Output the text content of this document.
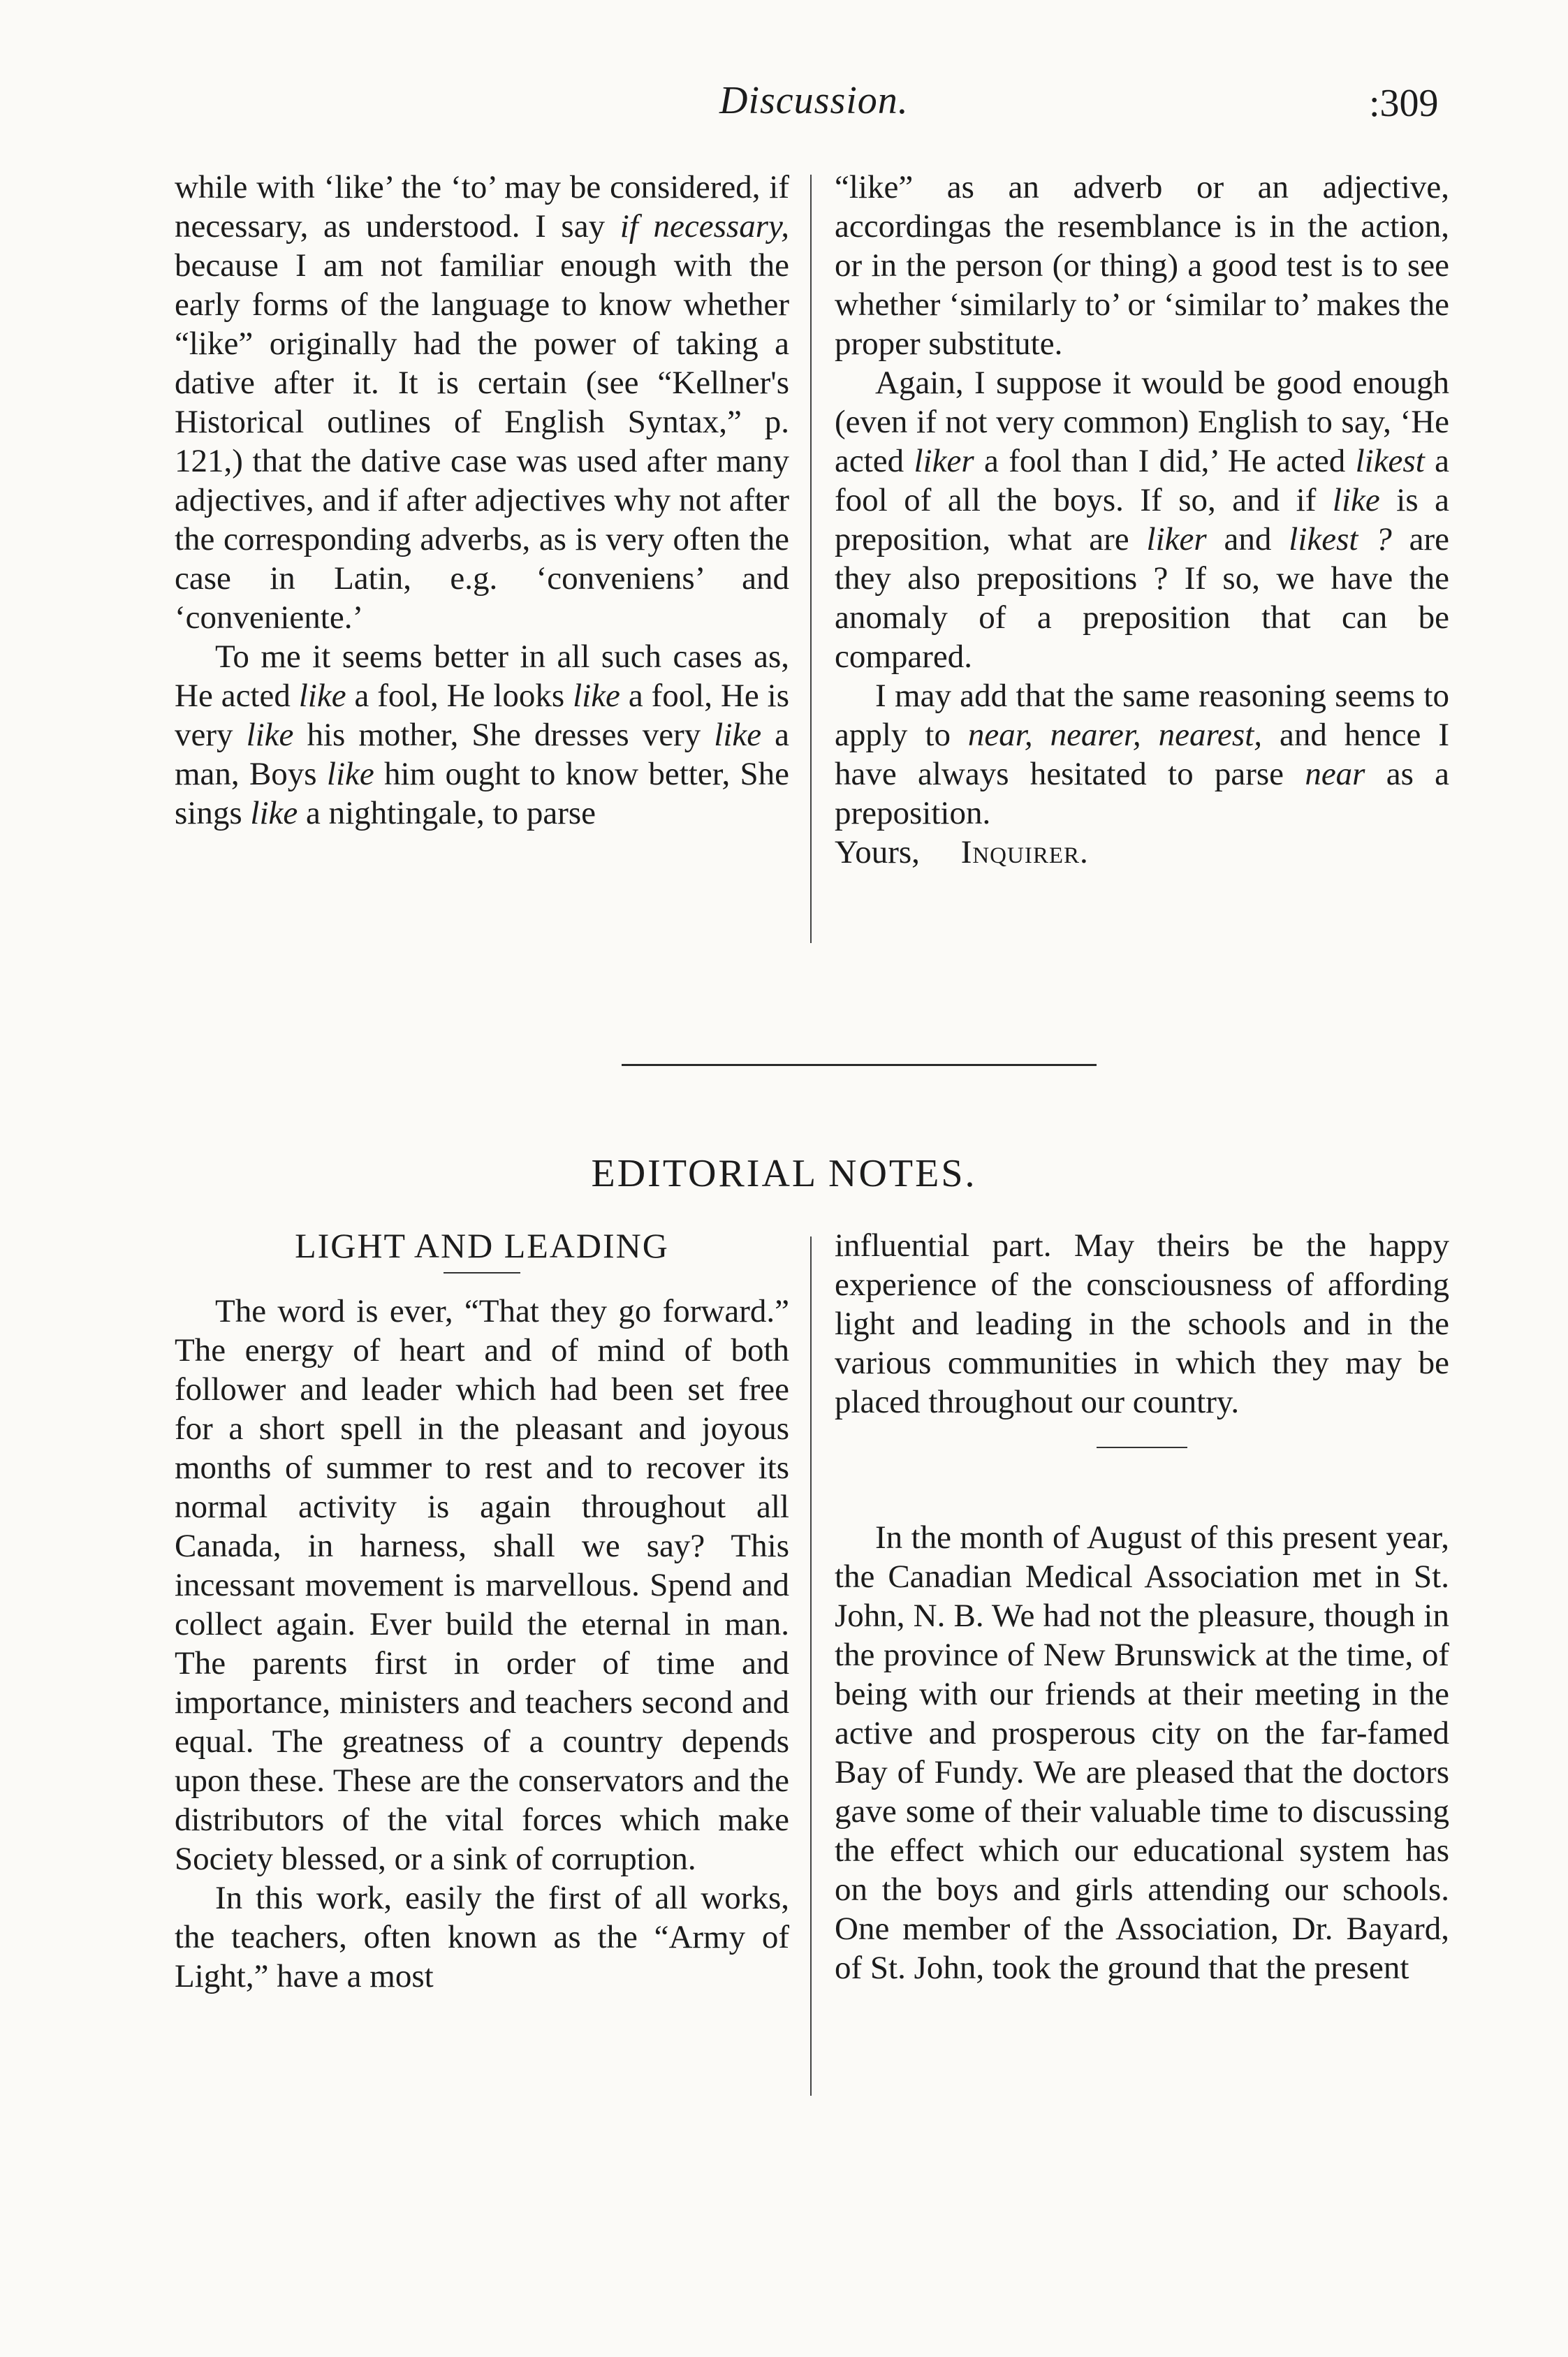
Discussion.	:309

while with ‘like’ the ‘to’ may be considered, if necessary, as understood. I say if necessary, because I am not familiar enough with the early forms of the language to know whether “like” originally had the power of taking a dative after it. It is certain (see “Kellner's Historical outlines of English Syntax,” p. 121,) that the dative case was used after many adjectives, and if after adjectives why not after the corresponding adverbs, as is very often the case in Latin, e.g. ‘conveniens’ and ‘conveniente.’

To me it seems better in all such cases as, He acted like a fool, He looks like a fool, He is very like his mother, She dresses very like a man, Boys like him ought to know better, She sings like a nightingale, to parse

“like” as an adverb or an adjective, accordingas the resemblance is in the action, or in the person (or thing) a good test is to see whether ‘similarly to’ or ‘similar to’ makes the proper substitute.

Again, I suppose it would be good enough (even if not very common) English to say, ‘He acted liker a fool than I did,’ He acted likest a fool of all the boys. If so, and if like is a preposition, what are liker and likest ? are they also prepositions ? If so, we have the anomaly of a preposition that can be compared.

I may add that the same reasoning seems to apply to near, nearer, nearest, and hence I have always hesitated to parse near as a preposition.

Yours, Inquirer.

EDITORIAL NOTES.

LIGHT AND LEADING

The word is ever, “That they go forward.” The energy of heart and of mind of both follower and leader which had been set free for a short spell in the pleasant and joyous months of summer to rest and to recover its normal activity is again throughout all Canada, in harness, shall we say? This incessant movement is marvellous. Spend and collect again. Ever build the eternal in man. The parents first in order of time and importance, ministers and teachers second and equal. The greatness of a country depends upon these. These are the conservators and the distributors of the vital forces which make Society blessed, or a sink of corruption.

In this work, easily the first of all works, the teachers, often known as the “Army of Light,” have a most

influential part. May theirs be the happy experience of the consciousness of affording light and leading in the schools and in the various communities in which they may be placed throughout our country.

In the month of August of this present year, the Canadian Medical Association met in St. John, N. B. We had not the pleasure, though in the province of New Brunswick at the time, of being with our friends at their meeting in the active and prosperous city on the far-famed Bay of Fundy. We are pleased that the doctors gave some of their valuable time to discussing the effect which our educational system has on the boys and girls attending our schools. One member of the Association, Dr. Bayard, of St. John, took the ground that the present
